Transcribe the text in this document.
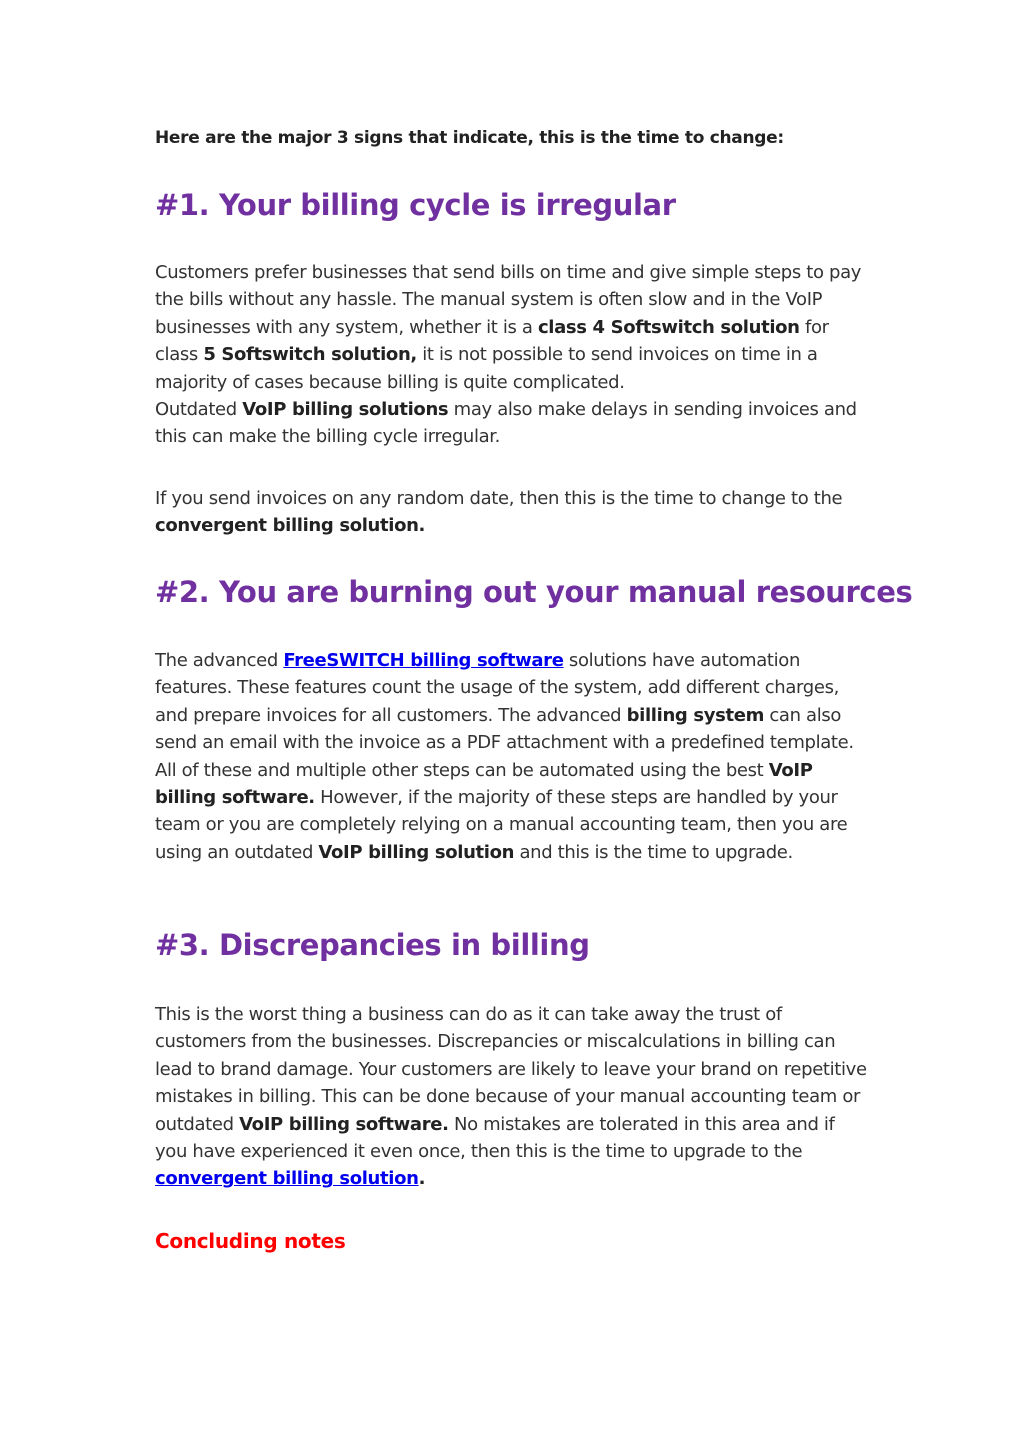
Here are the major 3 signs that indicate, this is the time to change:
#1. Your billing cycle is irregular

Customers prefer businesses that send bills on time and give simple steps to pay the bills without any hassle. The manual system is often slow and in the VoIP businesses with any system, whether it is a class 4 Softswitch solution for class 5 Softswitch solution, it is not possible to send invoices on time in a majority of cases because billing is quite complicated.
Outdated VoIP billing solutions may also make delays in sending invoices and this can make the billing cycle irregular.

If you send invoices on any random date, then this is the time to change to the convergent billing solution.

#2. You are burning out your manual resources

The advanced FreeSWITCH billing software solutions have automation features. These features count the usage of the system, add different charges, and prepare invoices for all customers. The advanced billing system can also send an email with the invoice as a PDF attachment with a predefined template. All of these and multiple other steps can be automated using the best VoIP billing software. However, if the majority of these steps are handled by your team or you are completely relying on a manual accounting team, then you are using an outdated VoIP billing solution and this is the time to upgrade.

#3. Discrepancies in billing

This is the worst thing a business can do as it can take away the trust of customers from the businesses. Discrepancies or miscalculations in billing can lead to brand damage. Your customers are likely to leave your brand on repetitive mistakes in billing. This can be done because of your manual accounting team or outdated VoIP billing software. No mistakes are tolerated in this area and if you have experienced it even once, then this is the time to upgrade to the convergent billing solution.

Concluding notes
